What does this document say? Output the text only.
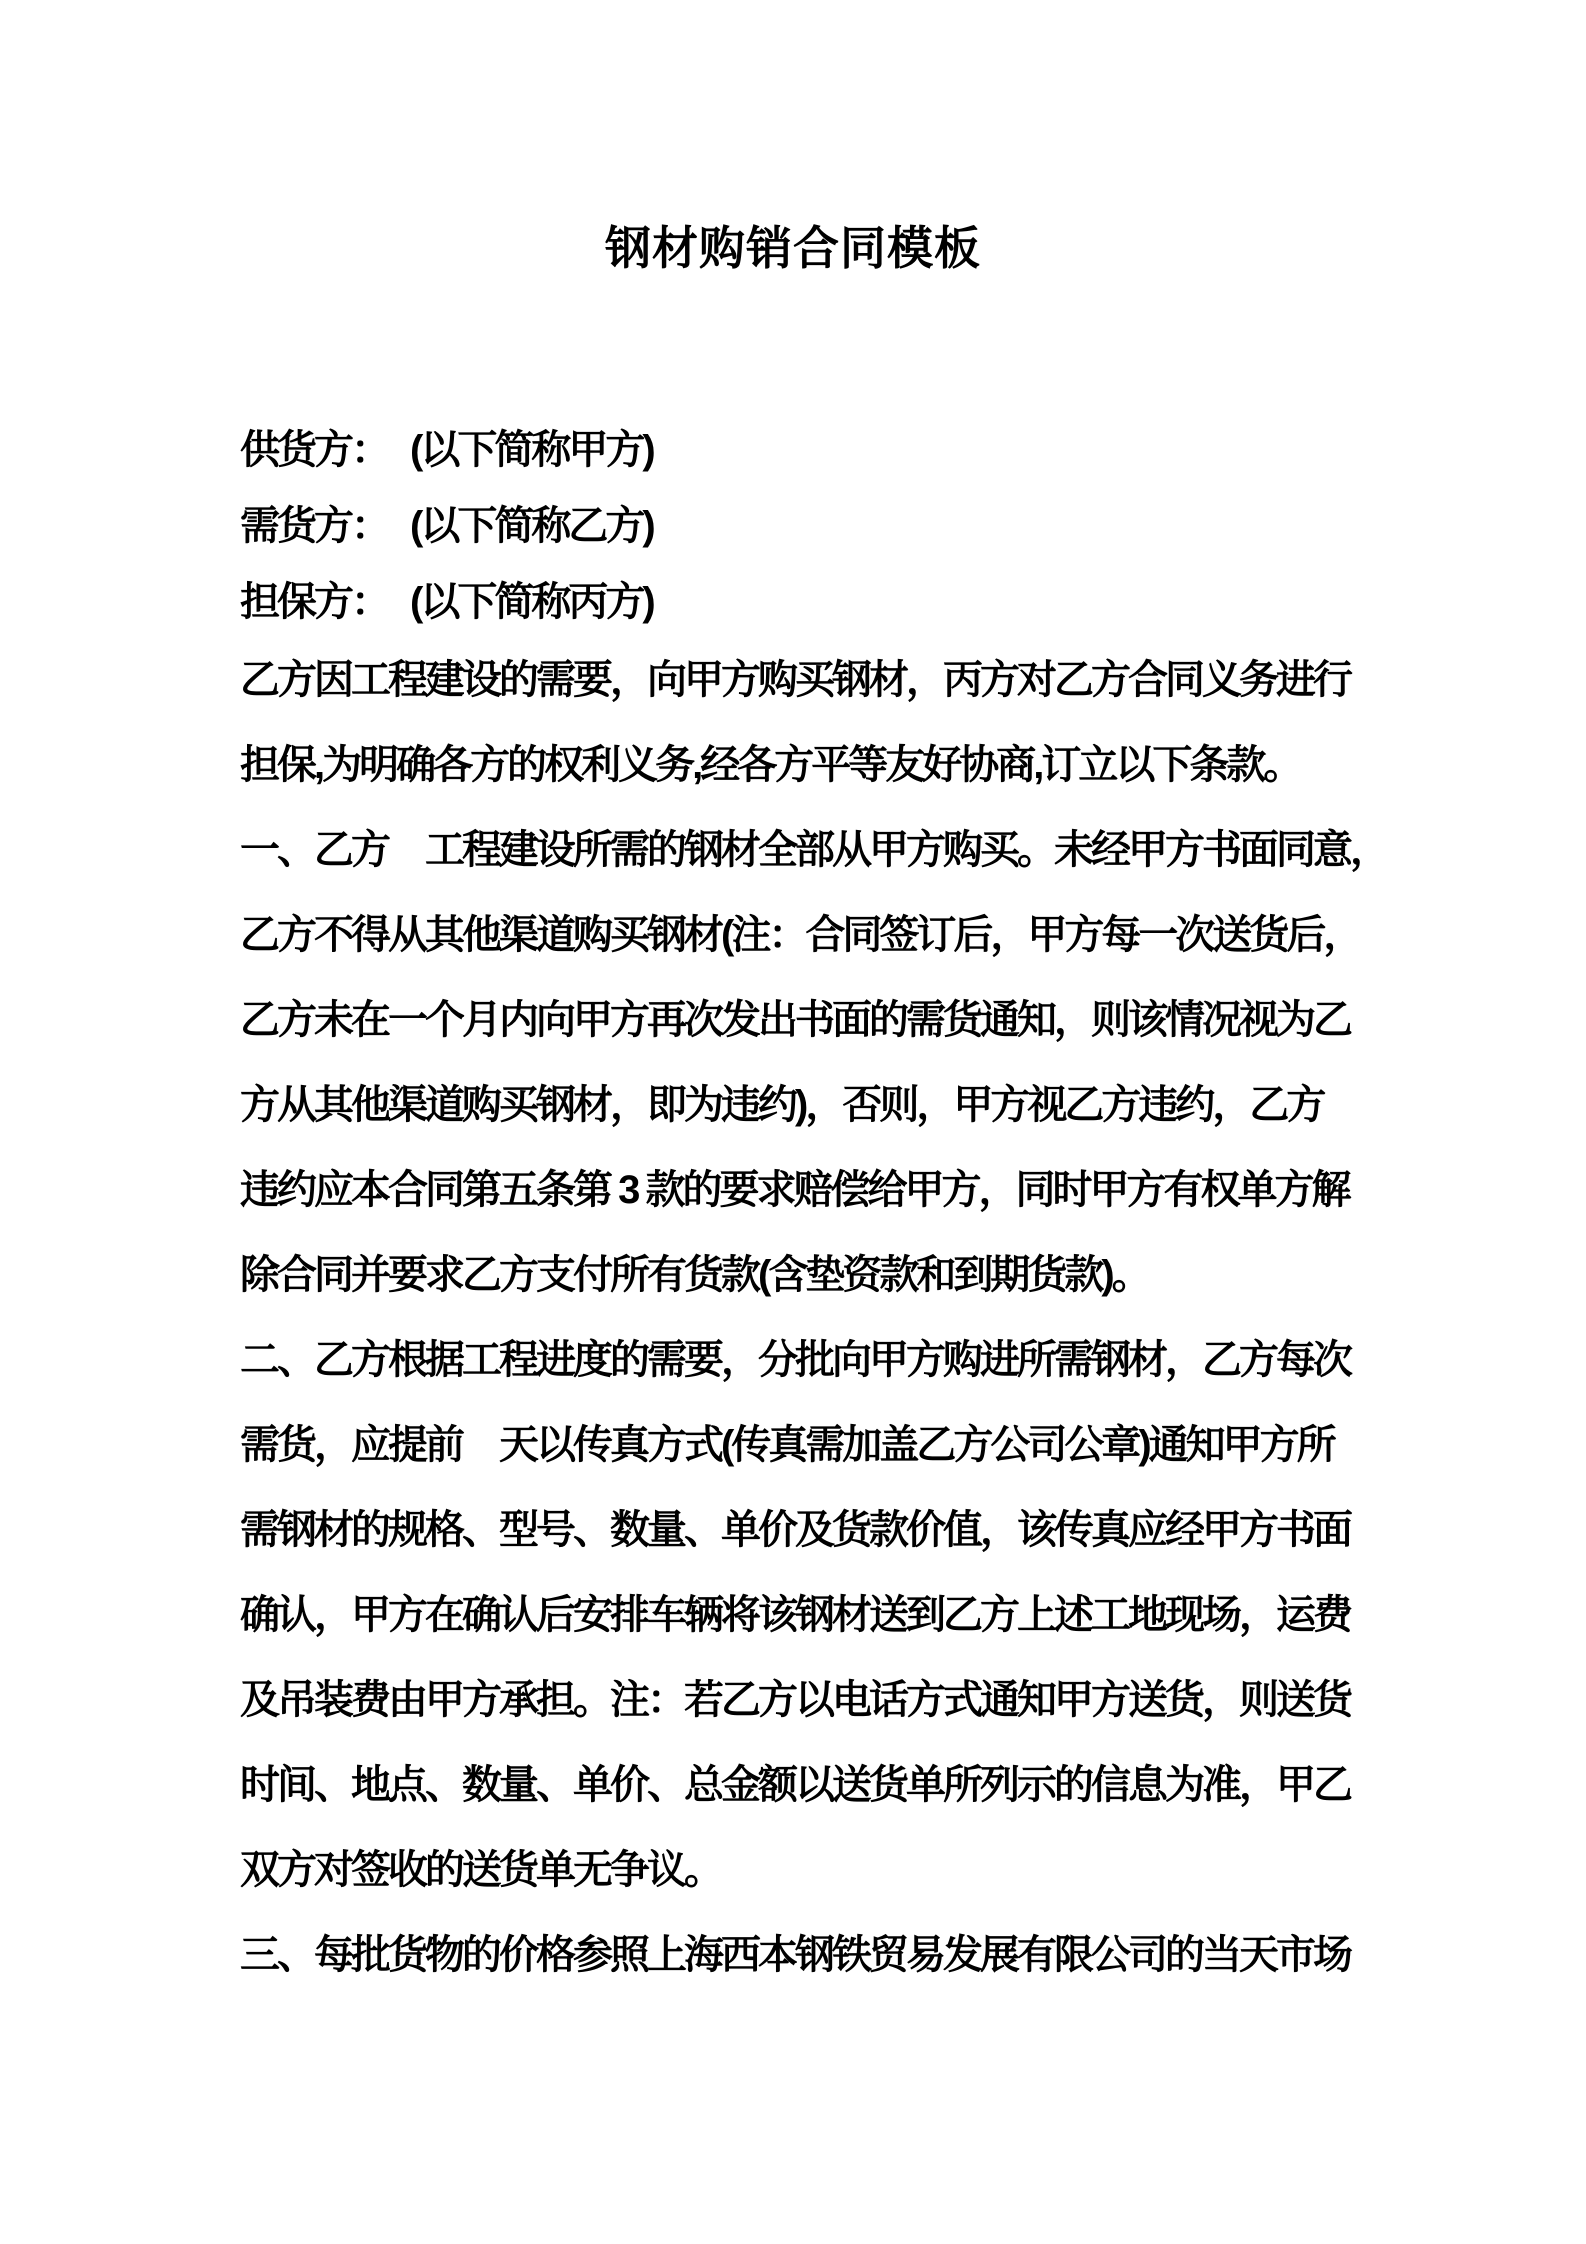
钢材购销合同模板
供货方： (以下简称甲方)
需货方： (以下简称乙方)
担保方： (以下简称丙方)
乙方因工程建设的需要，向甲方购买钢材，丙方对乙方合同义务进行
担保,为明确各方的权利义务,经各方平等友好协商,订立以下条款。
一、乙方　工程建设所需的钢材全部从甲方购买。未经甲方书面同意，
乙方不得从其他渠道购买钢材(注：合同签订后，甲方每一次送货后，
乙方未在一个月内向甲方再次发出书面的需货通知，则该情况视为乙
方从其他渠道购买钢材，即为违约)，否则，甲方视乙方违约，乙方
违约应本合同第五条第 3 款的要求赔偿给甲方，同时甲方有权单方解
除合同并要求乙方支付所有货款(含垫资款和到期货款)。
二、乙方根据工程进度的需要，分批向甲方购进所需钢材，乙方每次
需货，应提前　天以传真方式(传真需加盖乙方公司公章)通知甲方所
需钢材的规格、型号、数量、单价及货款价值，该传真应经甲方书面
确认，甲方在确认后安排车辆将该钢材送到乙方上述工地现场，运费
及吊装费由甲方承担。注：若乙方以电话方式通知甲方送货，则送货
时间、地点、数量、单价、总金额以送货单所列示的信息为准，甲乙
双方对签收的送货单无争议。
三、每批货物的价格参照上海西本钢铁贸易发展有限公司的当天市场
